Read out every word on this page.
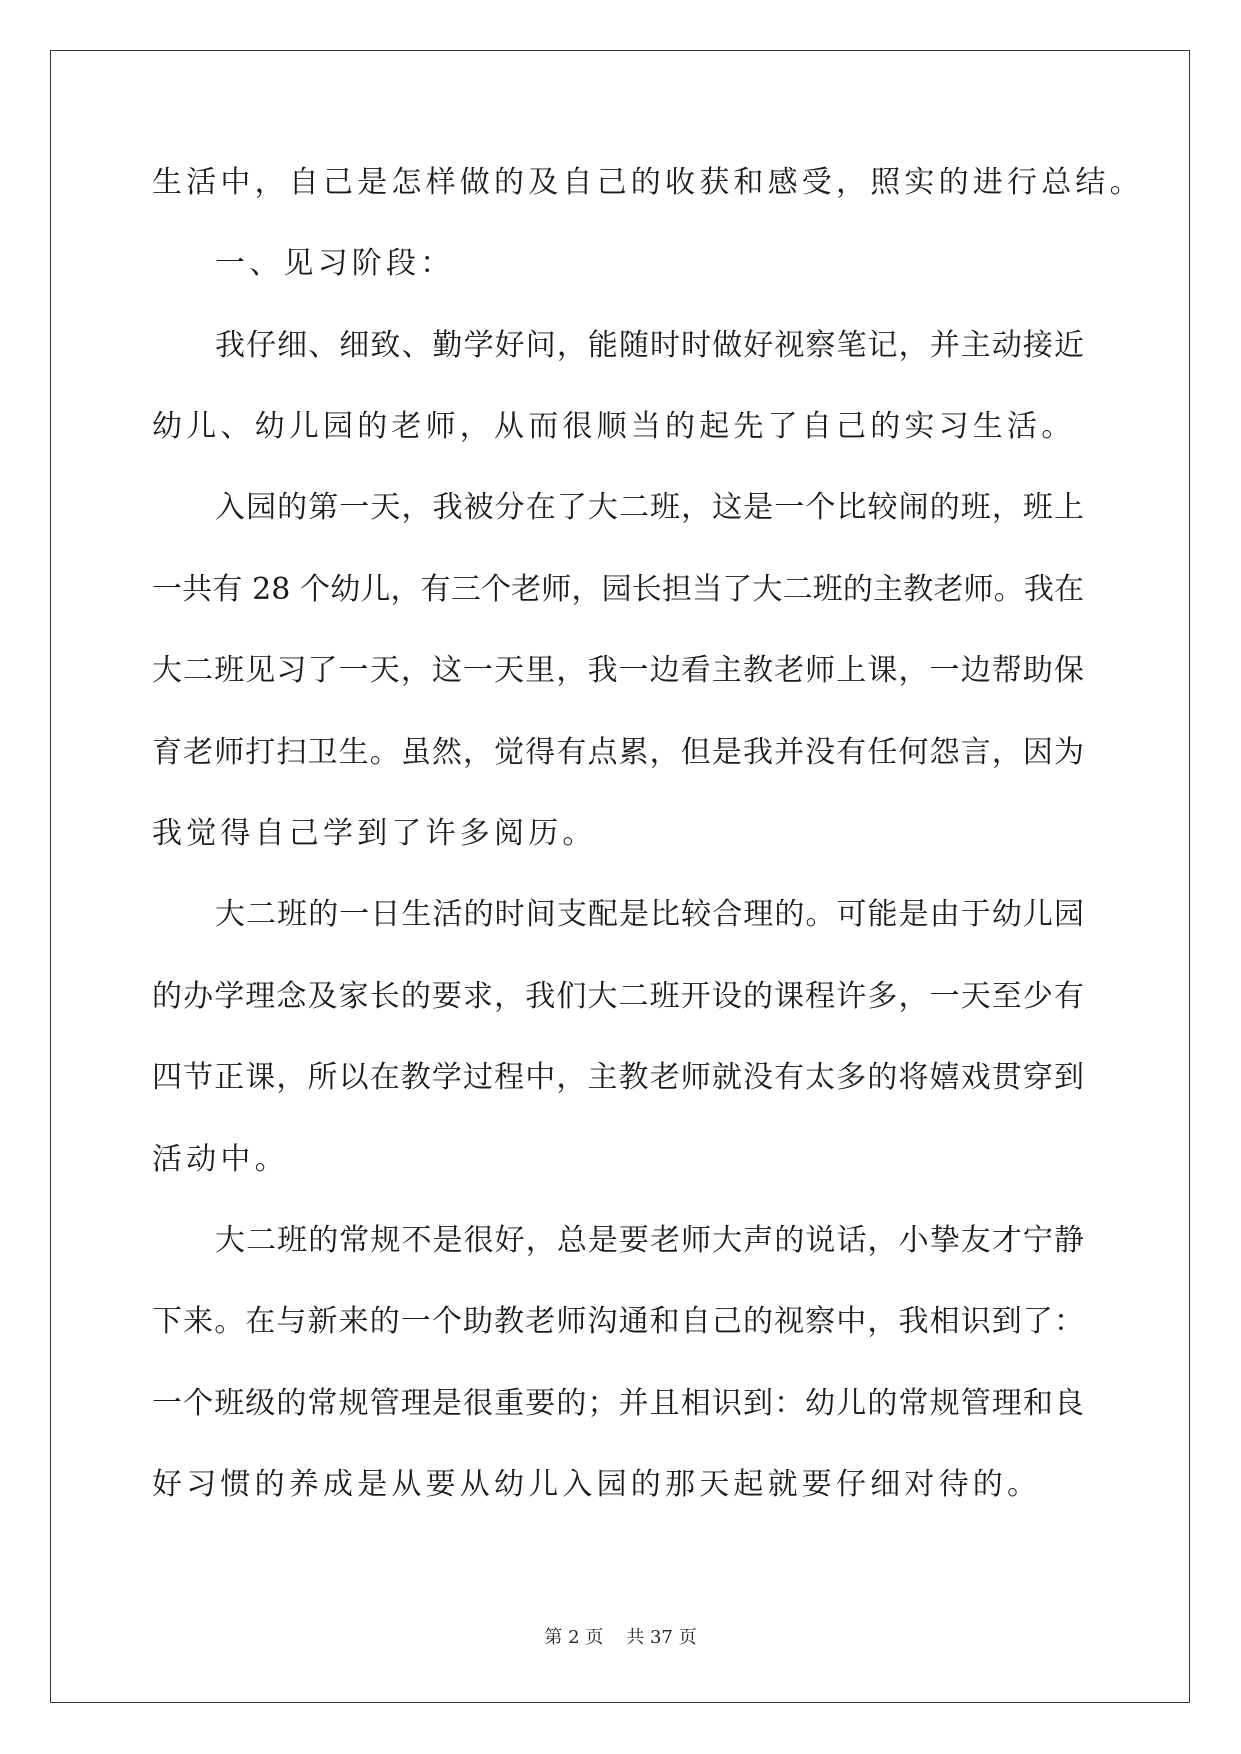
生活中，自己是怎样做的及自己的收获和感受，照实的进行总结。
一、见习阶段：
我仔细、细致、勤学好问，能随时时做好视察笔记，并主动接近
幼儿、幼儿园的老师，从而很顺当的起先了自己的实习生活。
入园的第一天，我被分在了大二班，这是一个比较闹的班，班上
一共有 28 个幼儿，有三个老师，园长担当了大二班的主教老师。我在
大二班见习了一天，这一天里，我一边看主教老师上课，一边帮助保
育老师打扫卫生。虽然，觉得有点累，但是我并没有任何怨言，因为
我觉得自己学到了许多阅历。
大二班的一日生活的时间支配是比较合理的。可能是由于幼儿园
的办学理念及家长的要求，我们大二班开设的课程许多，一天至少有
四节正课，所以在教学过程中，主教老师就没有太多的将嬉戏贯穿到
活动中。
大二班的常规不是很好，总是要老师大声的说话，小挚友才宁静
下来。在与新来的一个助教老师沟通和自己的视察中，我相识到了：
一个班级的常规管理是很重要的；并且相识到：幼儿的常规管理和良
好习惯的养成是从要从幼儿入园的那天起就要仔细对待的。
第 2 页 共 37 页
